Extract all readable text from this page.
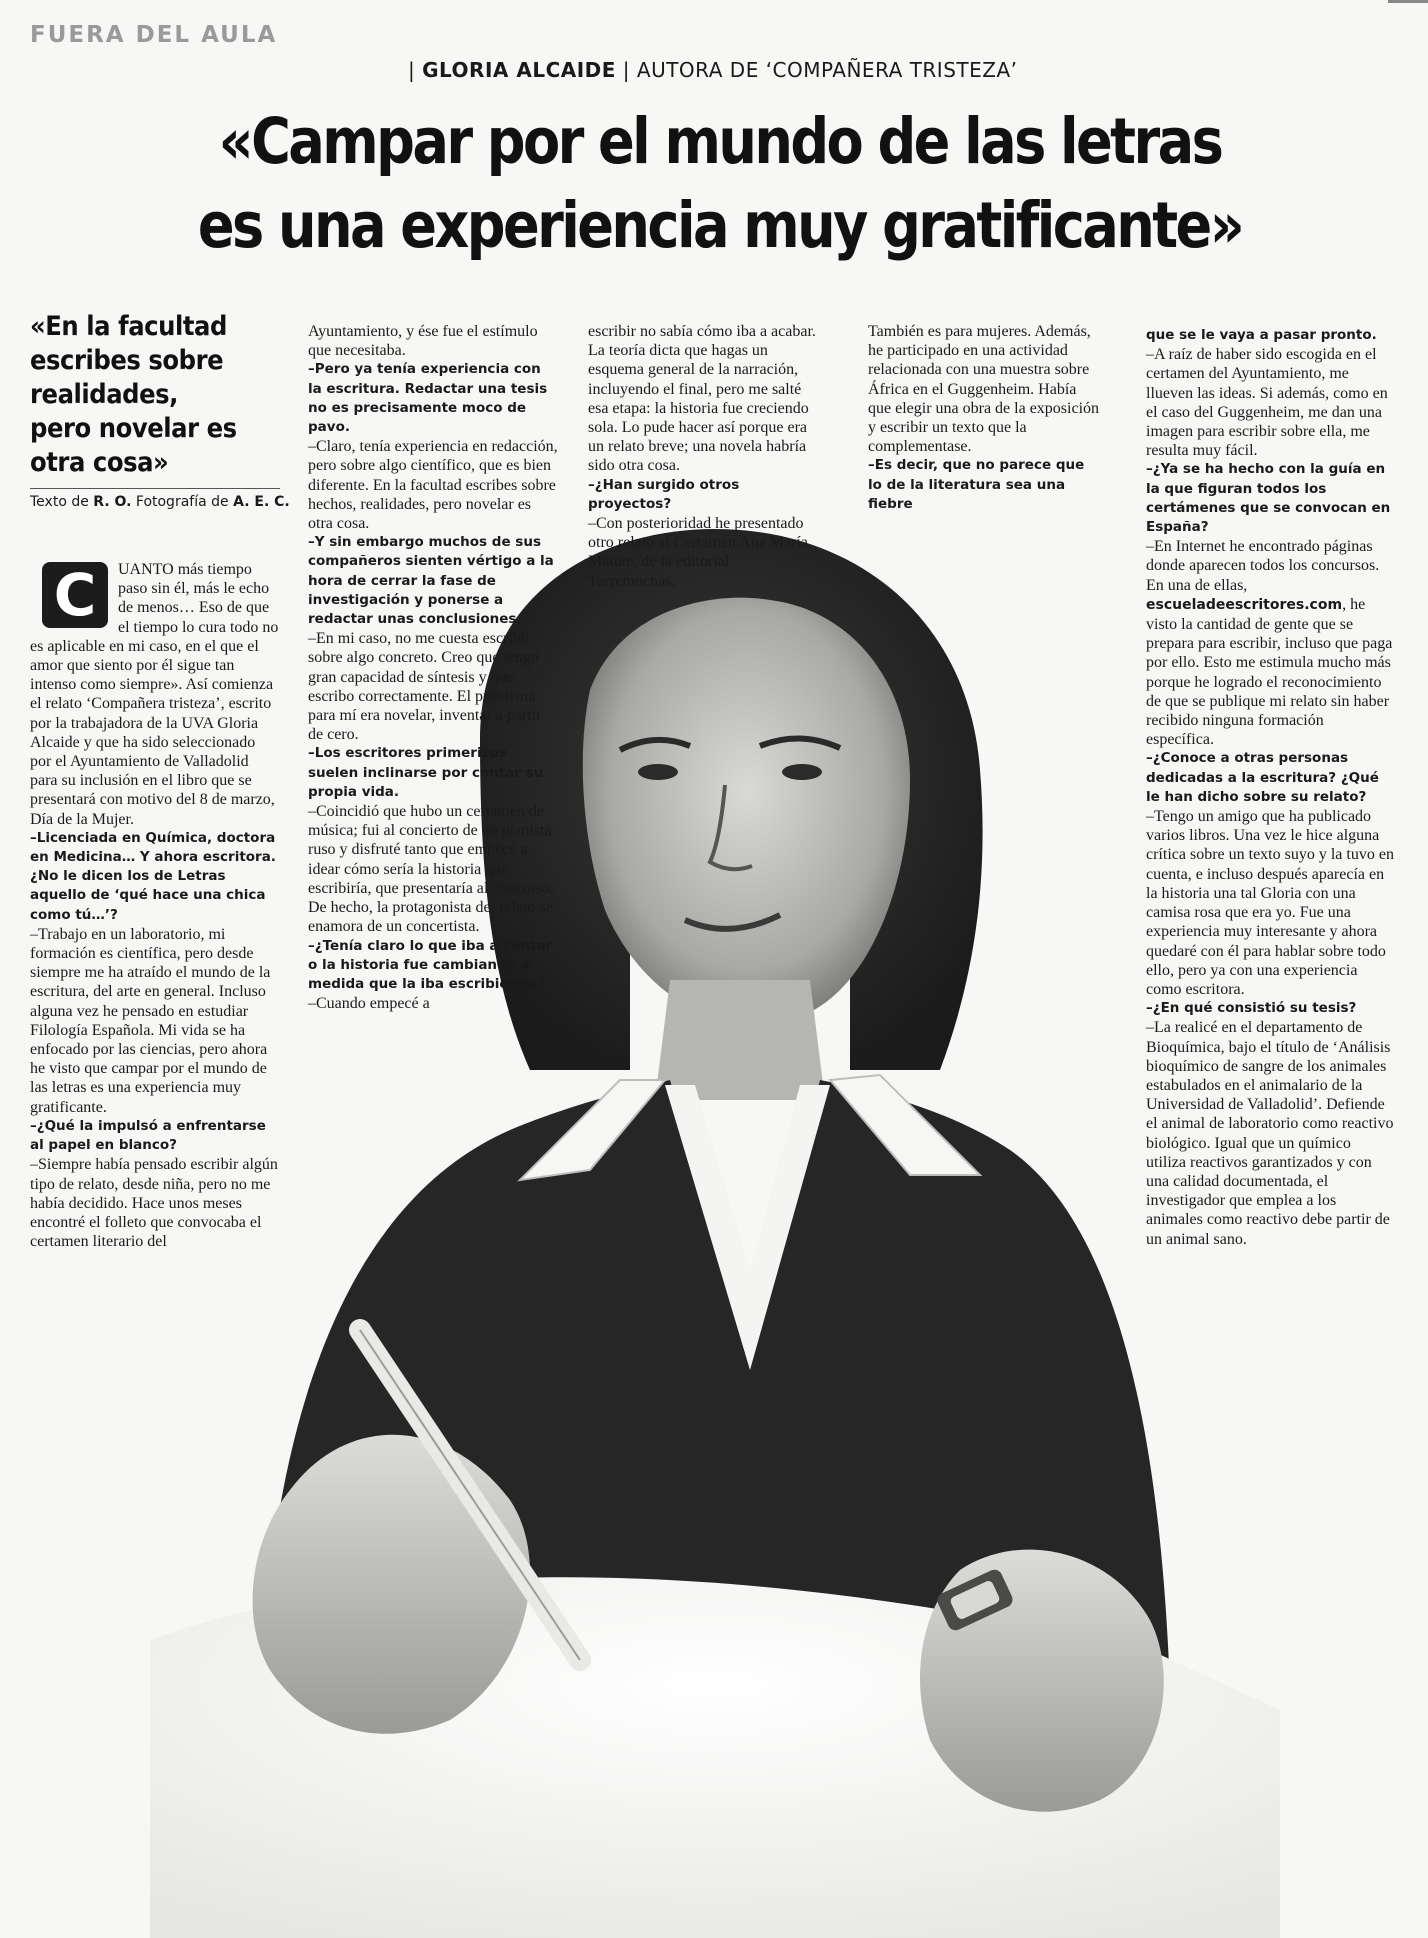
FUERA DEL AULA
| GLORIA ALCAIDE | AUTORA DE ‘COMPAÑERA TRISTEZA’
«Campar por el mundo de las letras
es una experiencia muy gratificante»
«En la facultad escribes sobre realidades, pero novelar es otra cosa»
Texto de R. O. Fotografía de A. E. C.
C	UANTO más tiempo paso sin él, más le echo de menos… Eso de que el tiempo lo cura todo no es aplicable en mi caso, en el que el amor que siento por él sigue tan intenso como siempre». Así comienza el relato ‘Compañera tristeza’, escrito por la trabajadora de la UVA Gloria Alcaide y que ha sido seleccionado por el Ayuntamiento de Valladolid para su inclusión en el libro que se presentará con motivo del 8 de marzo, Día de la Mujer.

–Licenciada en Química, doctora en Medicina… Y ahora escritora. ¿No le dicen los de Letras aquello de ‘qué hace una chica como tú…’?

–Trabajo en un laboratorio, mi formación es científica, pero desde siempre me ha atraído el mundo de la escritura, del arte en general. Incluso alguna vez he pensado en estudiar Filología Española. Mi vida se ha enfocado por las ciencias, pero ahora he visto que campar por el mundo de las letras es una experiencia muy gratificante.

–¿Qué la impulsó a enfrentarse al papel en blanco?

–Siempre había pensado escribir algún tipo de relato, desde niña, pero no me había decidido. Hace unos meses encontré el folleto que convocaba el certamen literario del

Ayuntamiento, y ése fue el estímulo que necesitaba.

–Pero ya tenía experiencia con la escritura. Redactar una tesis no es precisamente moco de pavo.

–Claro, tenía experiencia en redacción, pero sobre algo científico, que es bien diferente. En la facultad escribes sobre hechos, realidades, pero novelar es otra cosa.

–Y sin embargo muchos de sus compañeros sienten vértigo a la hora de cerrar la fase de investigación y ponerse a redactar unas conclusiones.

–En mi caso, no me cuesta escribir sobre algo concreto. Creo que tengo gran capacidad de síntesis y que escribo correctamente. El problema para mí era novelar, inventar a partir de cero.

–Los escritores primerizos suelen inclinarse por contar su propia vida.

–Coincidió que hubo un certamen de música; fui al concierto de un pianista ruso y disfruté tanto que empecé a idear cómo sería la historia que escribiría, que presentaría al concurso. De hecho, la protagonista del relato se enamora de un concertista.

–¿Tenía claro lo que iba a contar o la historia fue cambiando a medida que la iba escribiendo?

–Cuando empecé a

escribir no sabía cómo iba a acabar. La teoría dicta que hagas un esquema general de la narración, incluyendo el final, pero me salté esa etapa: la historia fue creciendo sola. Lo pude hacer así porque era un relato breve; una novela habría sido otra cosa.

–¿Han surgido otros proyectos?

–Con posterioridad he presentado otro relato al Certamen Ana María Matute, de la editorial Torremochas.

También es para mujeres. Además, he participado en una actividad relacionada con una muestra sobre África en el Guggenheim. Había que elegir una obra de la exposición y escribir un texto que la complementase.

–Es decir, que no parece que lo de la literatura sea una fiebre

que se le vaya a pasar pronto.

–A raíz de haber sido escogida en el certamen del Ayuntamiento, me llueven las ideas. Si además, como en el caso del Guggenheim, me dan una imagen para escribir sobre ella, me resulta muy fácil.

–¿Ya se ha hecho con la guía en la que figuran todos los certámenes que se convocan en España?

–En Internet he encontrado páginas donde aparecen todos los concursos. En una de ellas, escueladeescritores.com, he visto la cantidad de gente que se prepara para escribir, incluso que paga por ello. Esto me estimula mucho más porque he logrado el reconocimiento de que se publique mi relato sin haber recibido ninguna formación específica.

–¿Conoce a otras personas dedicadas a la escritura? ¿Qué le han dicho sobre su relato?

–Tengo un amigo que ha publicado varios libros. Una vez le hice alguna crítica sobre un texto suyo y la tuvo en cuenta, e incluso después aparecía en la historia una tal Gloria con una camisa rosa que era yo. Fue una experiencia muy interesante y ahora quedaré con él para hablar sobre todo ello, pero ya con una experiencia como escritora.

–¿En qué consistió su tesis?

–La realicé en el departamento de Bioquímica, bajo el título de ‘Análisis bioquímico de sangre de los animales estabulados en el animalario de la Universidad de Valladolid’. Defiende el animal de laboratorio como reactivo biológico. Igual que un químico utiliza reactivos garantizados y con una calidad documentada, el investigador que emplea a los animales como reactivo debe partir de un animal sano.
